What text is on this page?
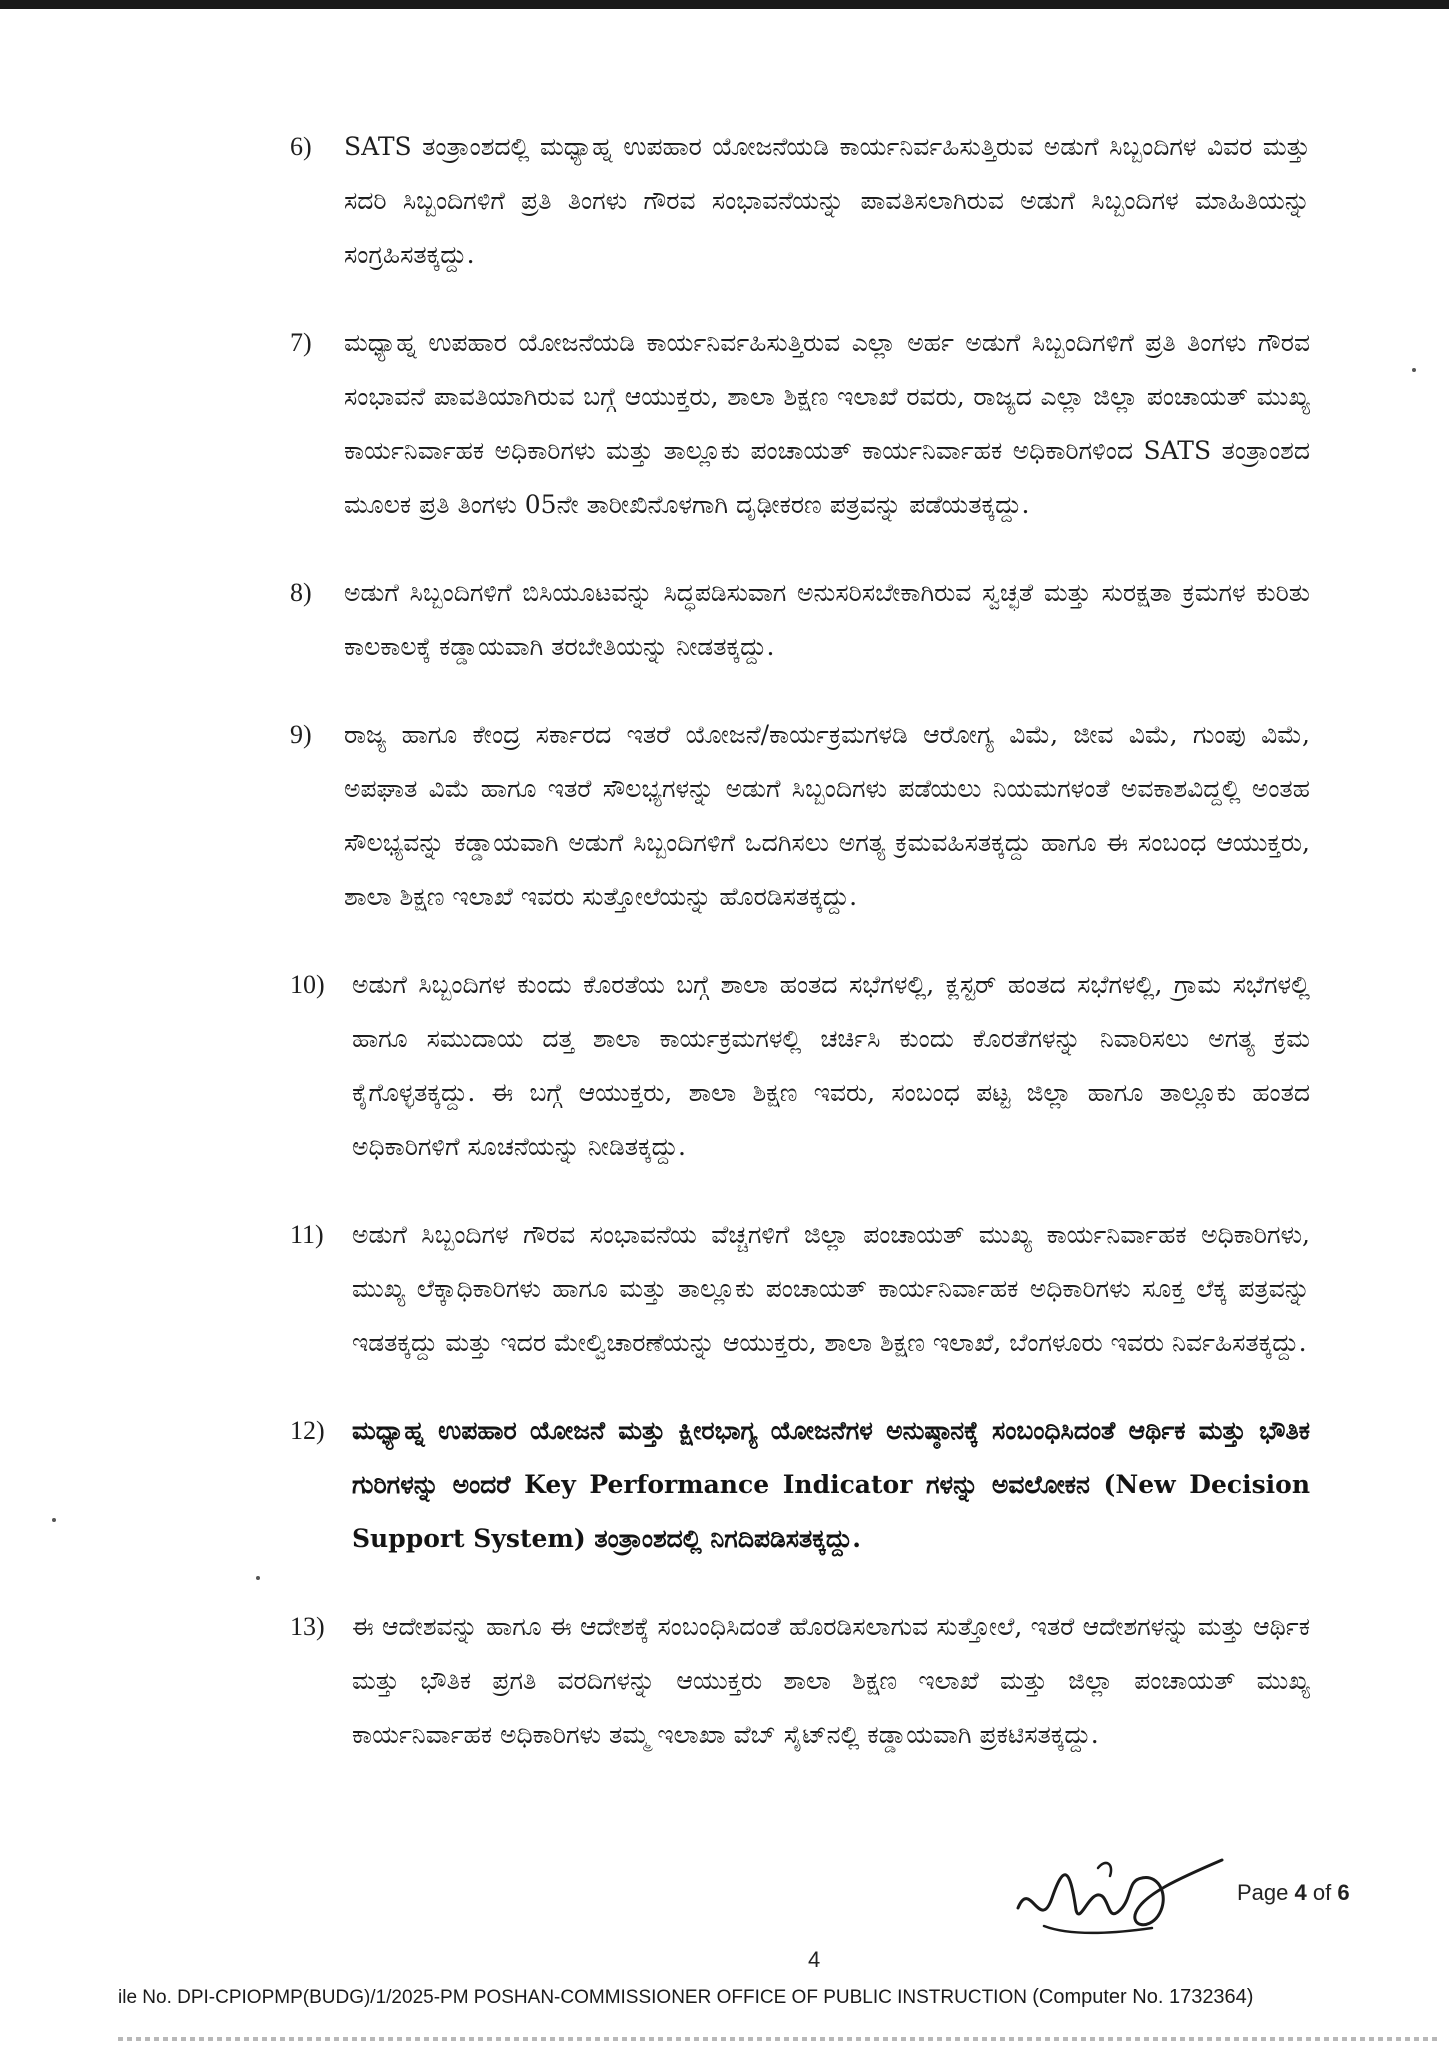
6) SATS ತಂತ್ರಾಂಶದಲ್ಲಿ ಮಧ್ಯಾಹ್ನ ಉಪಹಾರ ಯೋಜನೆಯಡಿ ಕಾರ್ಯನಿರ್ವಹಿಸುತ್ತಿರುವ ಅಡುಗೆ ಸಿಬ್ಬಂದಿಗಳ ವಿವರ ಮತ್ತು ಸದರಿ ಸಿಬ್ಬಂದಿಗಳಿಗೆ ಪ್ರತಿ ತಿಂಗಳು ಗೌರವ ಸಂಭಾವನೆಯನ್ನು ಪಾವತಿಸಲಾಗಿರುವ ಅಡುಗೆ ಸಿಬ್ಬಂದಿಗಳ ಮಾಹಿತಿಯನ್ನು ಸಂಗ್ರಹಿಸತಕ್ಕದ್ದು.
7) ಮಧ್ಯಾಹ್ನ ಉಪಹಾರ ಯೋಜನೆಯಡಿ ಕಾರ್ಯನಿರ್ವಹಿಸುತ್ತಿರುವ ಎಲ್ಲಾ ಅರ್ಹ ಅಡುಗೆ ಸಿಬ್ಬಂದಿಗಳಿಗೆ ಪ್ರತಿ ತಿಂಗಳು ಗೌರವ ಸಂಭಾವನೆ ಪಾವತಿಯಾಗಿರುವ ಬಗ್ಗೆ ಆಯುಕ್ತರು, ಶಾಲಾ ಶಿಕ್ಷಣ ಇಲಾಖೆ ರವರು, ರಾಜ್ಯದ ಎಲ್ಲಾ ಜಿಲ್ಲಾ ಪಂಚಾಯತ್ ಮುಖ್ಯ ಕಾರ್ಯನಿರ್ವಾಹಕ ಅಧಿಕಾರಿಗಳು ಮತ್ತು ತಾಲ್ಲೂಕು ಪಂಚಾಯತ್ ಕಾರ್ಯನಿರ್ವಾಹಕ ಅಧಿಕಾರಿಗಳಿಂದ SATS ತಂತ್ರಾಂಶದ ಮೂಲಕ ಪ್ರತಿ ತಿಂಗಳು 05ನೇ ತಾರೀಖಿನೊಳಗಾಗಿ ದೃಢೀಕರಣ ಪತ್ರವನ್ನು ಪಡೆಯತಕ್ಕದ್ದು.
8) ಅಡುಗೆ ಸಿಬ್ಬಂದಿಗಳಿಗೆ ಬಿಸಿಯೂಟವನ್ನು ಸಿದ್ಧಪಡಿಸುವಾಗ ಅನುಸರಿಸಬೇಕಾಗಿರುವ ಸ್ವಚ್ಛತೆ ಮತ್ತು ಸುರಕ್ಷತಾ ಕ್ರಮಗಳ ಕುರಿತು ಕಾಲಕಾಲಕ್ಕೆ ಕಡ್ಡಾಯವಾಗಿ ತರಬೇತಿಯನ್ನು ನೀಡತಕ್ಕದ್ದು.
9) ರಾಜ್ಯ ಹಾಗೂ ಕೇಂದ್ರ ಸರ್ಕಾರದ ಇತರೆ ಯೋಜನೆ/ಕಾರ್ಯಕ್ರಮಗಳಡಿ ಆರೋಗ್ಯ ವಿಮೆ, ಜೀವ ವಿಮೆ, ಗುಂಪು ವಿಮೆ, ಅಪಘಾತ ವಿಮೆ ಹಾಗೂ ಇತರೆ ಸೌಲಭ್ಯಗಳನ್ನು ಅಡುಗೆ ಸಿಬ್ಬಂದಿಗಳು ಪಡೆಯಲು ನಿಯಮಗಳಂತೆ ಅವಕಾಶವಿದ್ದಲ್ಲಿ ಅಂತಹ ಸೌಲಭ್ಯವನ್ನು ಕಡ್ಡಾಯವಾಗಿ ಅಡುಗೆ ಸಿಬ್ಬಂದಿಗಳಿಗೆ ಒದಗಿಸಲು ಅಗತ್ಯ ಕ್ರಮವಹಿಸತಕ್ಕದ್ದು ಹಾಗೂ ಈ ಸಂಬಂಧ ಆಯುಕ್ತರು, ಶಾಲಾ ಶಿಕ್ಷಣ ಇಲಾಖೆ ಇವರು ಸುತ್ತೋಲೆಯನ್ನು ಹೊರಡಿಸತಕ್ಕದ್ದು.
10) ಅಡುಗೆ ಸಿಬ್ಬಂದಿಗಳ ಕುಂದು ಕೊರತೆಯ ಬಗ್ಗೆ ಶಾಲಾ ಹಂತದ ಸಭೆಗಳಲ್ಲಿ, ಕ್ಲಸ್ಟರ್ ಹಂತದ ಸಭೆಗಳಲ್ಲಿ, ಗ್ರಾಮ ಸಭೆಗಳಲ್ಲಿ ಹಾಗೂ ಸಮುದಾಯ ದತ್ತ ಶಾಲಾ ಕಾರ್ಯಕ್ರಮಗಳಲ್ಲಿ ಚರ್ಚಿಸಿ ಕುಂದು ಕೊರತೆಗಳನ್ನು ನಿವಾರಿಸಲು ಅಗತ್ಯ ಕ್ರಮ ಕೈಗೊಳ್ಳತಕ್ಕದ್ದು. ಈ ಬಗ್ಗೆ ಆಯುಕ್ತರು, ಶಾಲಾ ಶಿಕ್ಷಣ ಇವರು, ಸಂಬಂಧ ಪಟ್ಟ ಜಿಲ್ಲಾ ಹಾಗೂ ತಾಲ್ಲೂಕು ಹಂತದ ಅಧಿಕಾರಿಗಳಿಗೆ ಸೂಚನೆಯನ್ನು ನೀಡಿತಕ್ಕದ್ದು.
11) ಅಡುಗೆ ಸಿಬ್ಬಂದಿಗಳ ಗೌರವ ಸಂಭಾವನೆಯ ವೆಚ್ಚಗಳಿಗೆ ಜಿಲ್ಲಾ ಪಂಚಾಯತ್ ಮುಖ್ಯ ಕಾರ್ಯನಿರ್ವಾಹಕ ಅಧಿಕಾರಿಗಳು, ಮುಖ್ಯ ಲೆಕ್ಕಾಧಿಕಾರಿಗಳು ಹಾಗೂ ಮತ್ತು ತಾಲ್ಲೂಕು ಪಂಚಾಯತ್ ಕಾರ್ಯನಿರ್ವಾಹಕ ಅಧಿಕಾರಿಗಳು ಸೂಕ್ತ ಲೆಕ್ಕ ಪತ್ರವನ್ನು ಇಡತಕ್ಕದ್ದು ಮತ್ತು ಇದರ ಮೇಲ್ವಿಚಾರಣೆಯನ್ನು ಆಯುಕ್ತರು, ಶಾಲಾ ಶಿಕ್ಷಣ ಇಲಾಖೆ, ಬೆಂಗಳೂರು ಇವರು ನಿರ್ವಹಿಸತಕ್ಕದ್ದು.
12) ಮಧ್ಯಾಹ್ನ ಉಪಹಾರ ಯೋಜನೆ ಮತ್ತು ಕ್ಷೀರಭಾಗ್ಯ ಯೋಜನೆಗಳ ಅನುಷ್ಠಾನಕ್ಕೆ ಸಂಬಂಧಿಸಿದಂತೆ ಆರ್ಥಿಕ ಮತ್ತು ಭೌತಿಕ ಗುರಿಗಳನ್ನು ಅಂದರೆ Key Performance Indicator ಗಳನ್ನು ಅವಲೋಕನ (New Decision Support System) ತಂತ್ರಾಂಶದಲ್ಲಿ ನಿಗದಿಪಡಿಸತಕ್ಕದ್ದು.
13) ಈ ಆದೇಶವನ್ನು ಹಾಗೂ ಈ ಆದೇಶಕ್ಕೆ ಸಂಬಂಧಿಸಿದಂತೆ ಹೊರಡಿಸಲಾಗುವ ಸುತ್ತೋಲೆ, ಇತರೆ ಆದೇಶಗಳನ್ನು ಮತ್ತು ಆರ್ಥಿಕ ಮತ್ತು ಭೌತಿಕ ಪ್ರಗತಿ ವರದಿಗಳನ್ನು ಆಯುಕ್ತರು ಶಾಲಾ ಶಿಕ್ಷಣ ಇಲಾಖೆ ಮತ್ತು ಜಿಲ್ಲಾ ಪಂಚಾಯತ್ ಮುಖ್ಯ ಕಾರ್ಯನಿರ್ವಾಹಕ ಅಧಿಕಾರಿಗಳು ತಮ್ಮ ಇಲಾಖಾ ವೆಬ್ ಸೈಟ್‌ನಲ್ಲಿ ಕಡ್ಡಾಯವಾಗಿ ಪ್ರಕಟಿಸತಕ್ಕದ್ದು.
Page 4 of 6
4
ile No. DPI-CPIOPMP(BUDG)/1/2025-PM POSHAN-COMMISSIONER OFFICE OF PUBLIC INSTRUCTION (Computer No. 1732364)
